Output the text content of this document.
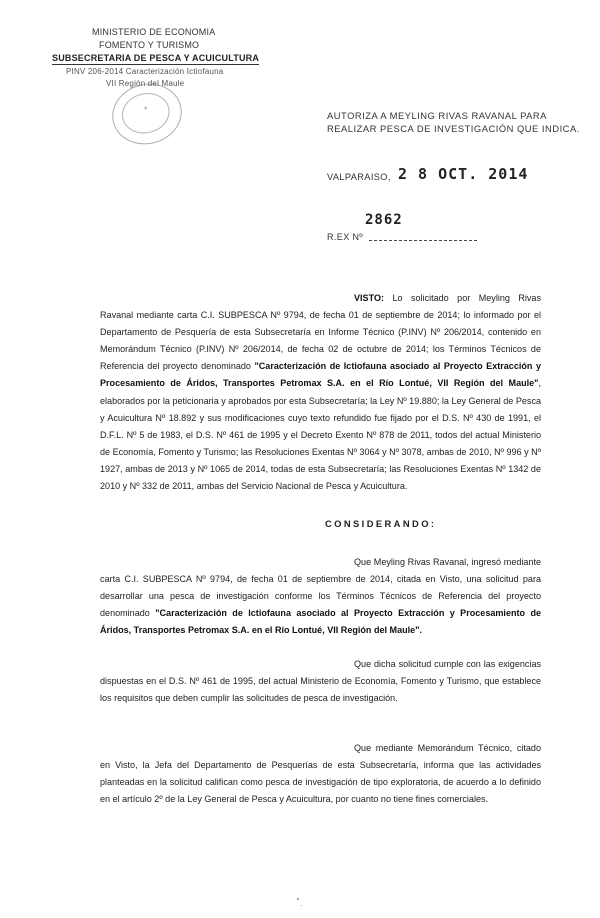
MINISTERIO DE ECONOMIA
FOMENTO Y TURISMO
SUBSECRETARIA DE PESCA Y ACUICULTURA
PINV 206-2014 Caracterización Ictiofauna
VII Región del Maule
✶
AUTORIZA A MEYLING RIVAS RAVANAL PARA
REALIZAR PESCA DE INVESTIGACIÓN QUE INDICA.
VALPARAISO, 2 8 OCT. 2014
2862
R.EX Nº
VISTO: Lo solicitado por Meyling Rivas Ravanal mediante carta C.I. SUBPESCA Nº 9794, de fecha 01 de septiembre de 2014; lo informado por el Departamento de Pesquería de esta Subsecretaría en Informe Técnico (P.INV) Nº 206/2014, contenido en Memorándum Técnico (P.INV) Nº 206/2014, de fecha 02 de octubre de 2014; los Términos Técnicos de Referencia del proyecto denominado "Caracterización de Ictiofauna asociado al Proyecto Extracción y Procesamiento de Áridos, Transportes Petromax S.A. en el Río Lontué, VII Región del Maule", elaborados por la peticionaria y aprobados por esta Subsecretaría; la Ley Nº 19.880; la Ley General de Pesca y Acuicultura Nº 18.892 y sus modificaciones cuyo texto refundido fue fijado por el D.S. Nº 430 de 1991, el D.F.L. Nº 5 de 1983, el D.S. Nº 461 de 1995 y el Decreto Exento Nº 878 de 2011, todos del actual Ministerio de Economía, Fomento y Turismo; las Resoluciones Exentas Nº 3064 y Nº 3078, ambas de 2010, Nº 996 y Nº 1927, ambas de 2013 y Nº 1065 de 2014, todas de esta Subsecretaría; las Resoluciones Exentas Nº 1342 de 2010 y Nº 332 de 2011, ambas del Servicio Nacional de Pesca y Acuicultura.
CONSIDERANDO:
Que Meyling Rivas Ravanal, ingresó mediante carta C.I. SUBPESCA Nº 9794, de fecha 01 de septiembre de 2014, citada en Visto, una solicitud para desarrollar una pesca de investigación conforme los Términos Técnicos de Referencia del proyecto denominado "Caracterización de Ictiofauna asociado al Proyecto Extracción y Procesamiento de Áridos, Transportes Petromax S.A. en el Río Lontué, VII Región del Maule".
Que dicha solicitud cumple con las exigencias dispuestas en el D.S. Nº 461 de 1995, del actual Ministerio de Economía, Fomento y Turismo, que establece los requisitos que deben cumplir las solicitudes de pesca de investigación.
Que mediante Memorándum Técnico, citado en Visto, la Jefa del Departamento de Pesquerías de esta Subsecretaría, informa que las actividades planteadas en la solicitud califican como pesca de investigación de tipo exploratoria, de acuerdo a lo definido en el artículo 2º de la Ley General de Pesca y Acuicultura, por cuanto no tiene fines comerciales.
